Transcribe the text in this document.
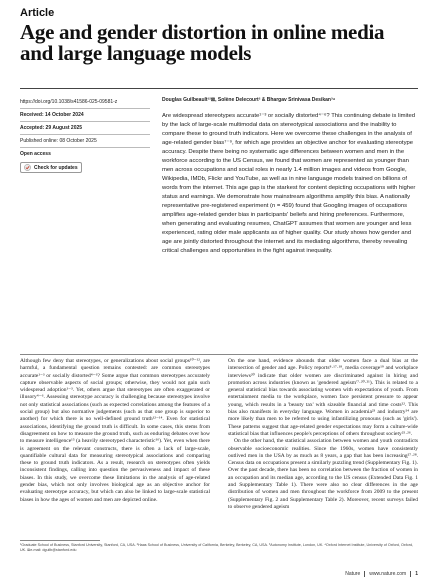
Article
Age and gender distortion in online media and large language models
https://doi.org/10.1038/s41586-025-09581-z
Received: 14 October 2024
Accepted: 29 August 2025
Published online: 08 October 2025
Open access
Check for updates
Douglas Guilbeault¹²⊠, Solène Delecourt² & Bhargav Srinivasa Desikan³⁴

Are widespread stereotypes accurate¹⁻³ or socially distorted⁴⁻⁶? This continuing debate is limited by the lack of large-scale multimodal data on stereotypical associations and the inability to compare these to ground truth indicators. Here we overcome these challenges in the analysis of age-related gender bias⁷⁻⁹, for which age provides an objective anchor for evaluating stereotype accuracy. Despite there being no systematic age differences between women and men in the workforce according to the US Census, we found that women are represented as younger than men across occupations and social roles in nearly 1.4 million images and videos from Google, Wikipedia, IMDb, Flickr and YouTube, as well as in nine language models trained on billions of words from the internet. This age gap is the starkest for content depicting occupations with higher status and earnings. We demonstrate how mainstream algorithms amplify this bias. A nationally representative pre-registered experiment (n = 459) found that Googling images of occupations amplifies age-related gender bias in participants' beliefs and hiring preferences. Furthermore, when generating and evaluating resumes, ChatGPT assumes that women are younger and less experienced, rating older male applicants as of higher quality. Our study shows how gender and age are jointly distorted throughout the internet and its mediating algorithms, thereby revealing critical challenges and opportunities in the fight against inequality.

Although few deny that stereotypes, or generalizations about social groups¹⁰⁻¹², are harmful, a fundamental question remains contested: are common stereotypes accurate¹⁻³ or socially distorted⁴⁻⁶? Some argue that common stereotypes accurately capture observable aspects of social groups; otherwise, they would not gain such widespread adoption¹⁻³. Yet, others argue that stereotypes are often exaggerated or illusory⁴⁻⁶. Assessing stereotype accuracy is challenging because stereotypes involve not only statistical associations (such as expected correlations among the features of a social group) but also normative judgements (such as that one group is superior to another) for which there is no well-defined ground truth¹²⁻¹⁴. Even for statistical associations, identifying the ground truth is difficult. In some cases, this stems from disagreement on how to measure the ground truth, such as enduring debates over how to measure intelligence¹⁵ (a heavily stereotyped characteristic¹⁶). Yet, even when there is agreement on the relevant constructs, there is often a lack of large-scale, quantifiable cultural data for measuring stereotypical associations and comparing these to ground truth indicators. As a result, research on stereotypes often yields inconsistent findings, calling into question the pervasiveness and impact of these biases. In this study, we overcome these limitations in the analysis of age-related gender bias, which not only involves biological age as an objective anchor for evaluating stereotype accuracy, but which can also be linked to large-scale statistical biases in how the ages of women and men are depicted online.

On the one hand, evidence abounds that older women face a dual bias at the intersection of gender and age. Policy reports⁸·¹⁷·¹⁸, media coverage¹⁹ and workplace interviews²⁰ indicate that older women are discriminated against in hiring and promotion across industries (known as 'gendered ageism'⁷·²⁰·²¹). This is related to a general statistical bias towards associating women with expectations of youth. From entertainment media to the workplace, women face persistent pressure to appear young, which results in a 'beauty tax' with sizeable financial and time costs²². This bias also manifests in everyday language. Women in academia²³ and industry²⁴ are more likely than men to be referred to using infantilizing pronouns (such as 'girls'). These patterns suggest that age-related gender expectations may form a culture-wide statistical bias that influences people's perceptions of others throughout society²⁵·²⁶.

On the other hand, the statistical association between women and youth contradicts observable socioeconomic realities. Since the 1960s, women have consistently outlived men in the USA by as much as 8 years, a gap that has been increasing²⁷·²⁸. Census data on occupations present a similarly puzzling trend (Supplementary Fig. 1). Over the past decade, there has been no correlation between the fraction of women in an occupation and its median age, according to the US census (Extended Data Fig. 1 and Supplementary Table 1). There were also no clear differences in the age distribution of women and men throughout the workforce from 2009 to the present (Supplementary Fig. 2 and Supplementary Table 2). Moreover, recent surveys failed to observe gendered ageism

¹Graduate School of Business, Stanford University, Stanford, CA, USA. ²Haas School of Business, University of California, Berkeley, Berkeley, CA, USA. ³Autonomy Institute, London, UK. ⁴Oxford Internet Institute, University of Oxford, Oxford, UK. ⊠e-mail: dguilb@stanford.edu
Nature www.nature.com 1
